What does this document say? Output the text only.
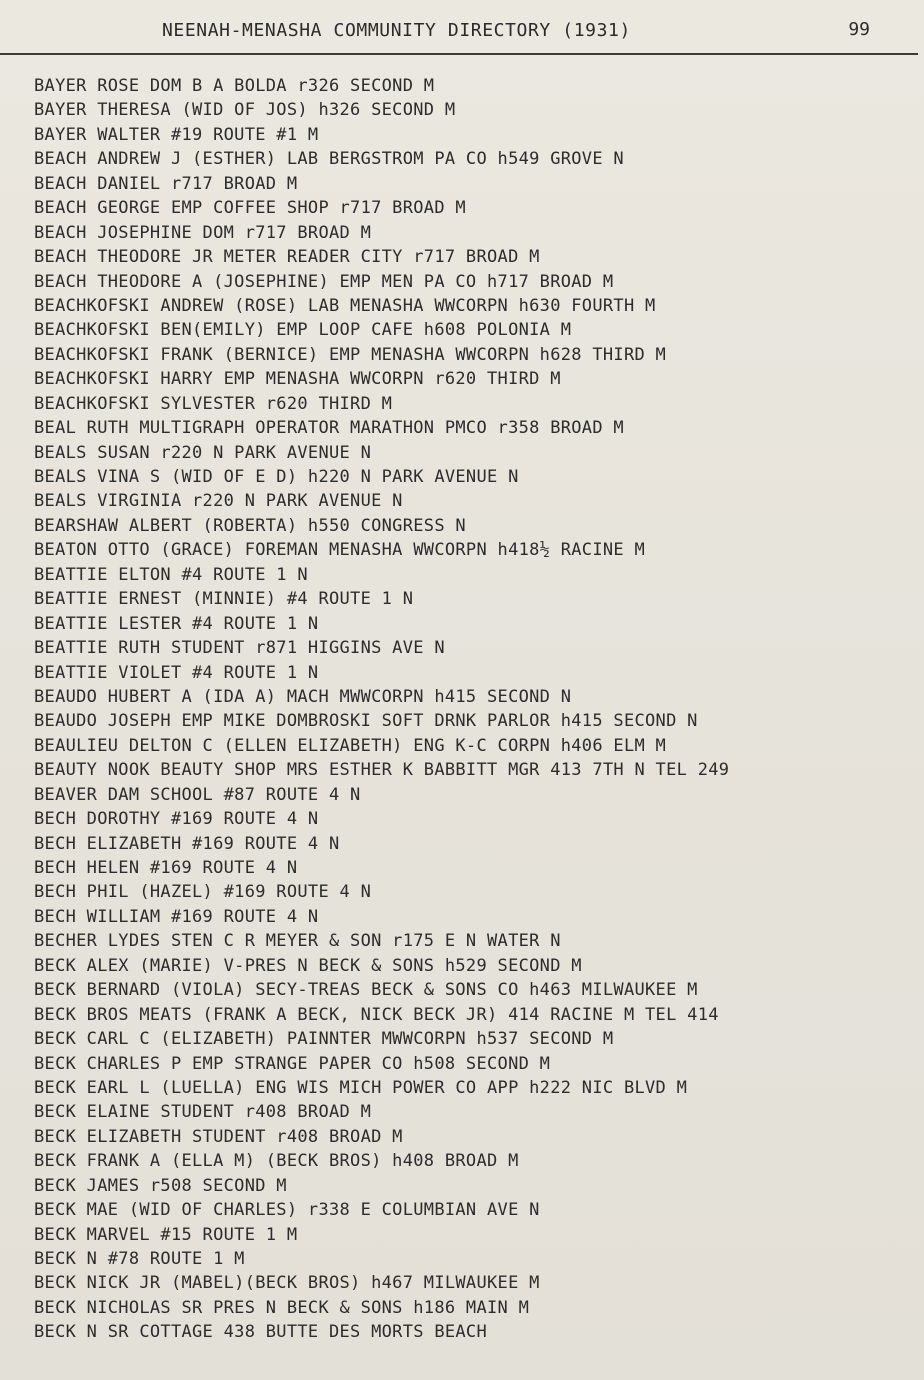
NEENAH-MENASHA COMMUNITY DIRECTORY (1931)	99
BAYER ROSE DOM B A BOLDA r326 SECOND M
BAYER THERESA (WID OF JOS) h326 SECOND M
BAYER WALTER #19 ROUTE #1 M
BEACH ANDREW J (ESTHER) LAB BERGSTROM PA CO h549 GROVE N
BEACH DANIEL r717 BROAD M
BEACH GEORGE EMP COFFEE SHOP r717 BROAD M
BEACH JOSEPHINE DOM r717 BROAD M
BEACH THEODORE JR METER READER CITY r717 BROAD M
BEACH THEODORE A (JOSEPHINE) EMP MEN PA CO h717 BROAD M
BEACHKOFSKI ANDREW (ROSE) LAB MENASHA WWCORPN h630 FOURTH M
BEACHKOFSKI BEN(EMILY) EMP LOOP CAFE h608 POLONIA M
BEACHKOFSKI FRANK (BERNICE) EMP MENASHA WWCORPN h628 THIRD M
BEACHKOFSKI HARRY EMP MENASHA WWCORPN r620 THIRD M
BEACHKOFSKI SYLVESTER r620 THIRD M
BEAL RUTH MULTIGRAPH OPERATOR MARATHON PMCO r358 BROAD M
BEALS SUSAN r220 N PARK AVENUE N
BEALS VINA S (WID OF E D) h220 N PARK AVENUE N
BEALS VIRGINIA r220 N PARK AVENUE N
BEARSHAW ALBERT (ROBERTA) h550 CONGRESS N
BEATON OTTO (GRACE) FOREMAN MENASHA WWCORPN h418½ RACINE M
BEATTIE ELTON #4 ROUTE 1 N
BEATTIE ERNEST (MINNIE) #4 ROUTE 1 N
BEATTIE LESTER #4 ROUTE 1 N
BEATTIE RUTH STUDENT r871 HIGGINS AVE N
BEATTIE VIOLET #4 ROUTE 1 N
BEAUDO HUBERT A (IDA A) MACH MWWCORPN h415 SECOND N
BEAUDO JOSEPH EMP MIKE DOMBROSKI SOFT DRNK PARLOR h415 SECOND N
BEAULIEU DELTON C (ELLEN ELIZABETH) ENG K-C CORPN h406 ELM M
BEAUTY NOOK BEAUTY SHOP MRS ESTHER K BABBITT MGR 413 7TH N TEL 249
BEAVER DAM SCHOOL #87 ROUTE 4 N
BECH DOROTHY #169 ROUTE 4 N
BECH ELIZABETH #169 ROUTE 4 N
BECH HELEN #169 ROUTE 4 N
BECH PHIL (HAZEL) #169 ROUTE 4 N
BECH WILLIAM #169 ROUTE 4 N
BECHER LYDES STEN C R MEYER & SON r175 E N WATER N
BECK ALEX (MARIE) V-PRES N BECK & SONS h529 SECOND M
BECK BERNARD (VIOLA) SECY-TREAS BECK & SONS CO h463 MILWAUKEE M
BECK BROS MEATS (FRANK A BECK, NICK BECK JR) 414 RACINE M TEL 414
BECK CARL C (ELIZABETH) PAINNTER MWWCORPN h537 SECOND M
BECK CHARLES P EMP STRANGE PAPER CO h508 SECOND M
BECK EARL L (LUELLA) ENG WIS MICH POWER CO APP h222 NIC BLVD M
BECK ELAINE STUDENT r408 BROAD M
BECK ELIZABETH STUDENT r408 BROAD M
BECK FRANK A (ELLA M) (BECK BROS) h408 BROAD M
BECK JAMES r508 SECOND M
BECK MAE (WID OF CHARLES) r338 E COLUMBIAN AVE N
BECK MARVEL #15 ROUTE 1 M
BECK N #78 ROUTE 1 M
BECK NICK JR (MABEL)(BECK BROS) h467 MILWAUKEE M
BECK NICHOLAS SR PRES N BECK & SONS h186 MAIN M
BECK N SR COTTAGE 438 BUTTE DES MORTS BEACH
